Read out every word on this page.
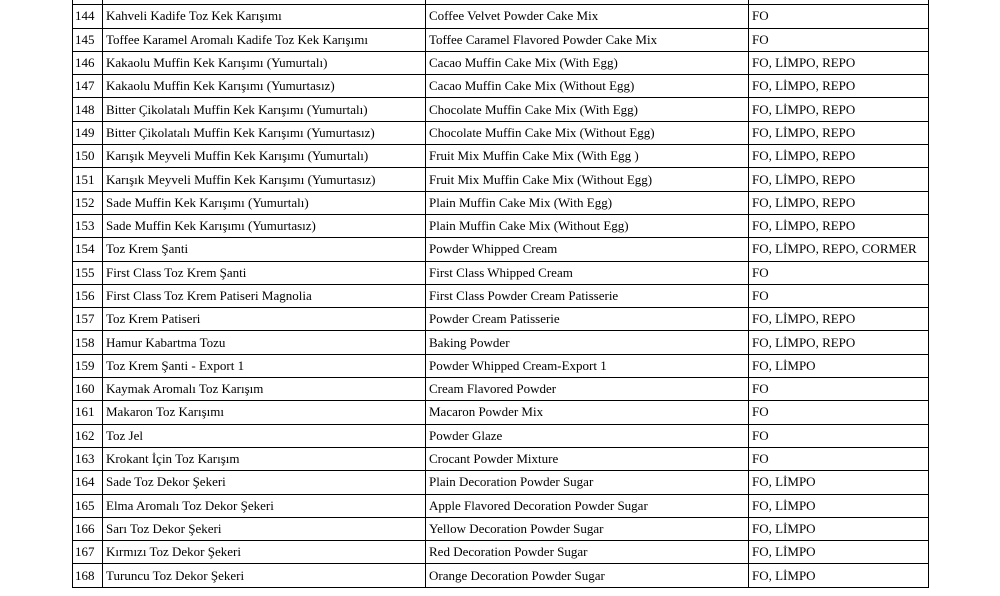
144	Kahveli Kadife Toz Kek Karışımı	Coffee Velvet Powder Cake Mix	FO
145	Toffee Karamel Aromalı Kadife Toz Kek Karışımı	Toffee Caramel Flavored Powder Cake Mix	FO
146	Kakaolu Muffin Kek Karışımı (Yumurtalı)	Cacao Muffin Cake Mix (With Egg)	FO, LİMPO, REPO
147	Kakaolu Muffin Kek Karışımı (Yumurtasız)	Cacao Muffin Cake Mix (Without Egg)	FO, LİMPO, REPO
148	Bitter Çikolatalı Muffin Kek Karışımı (Yumurtalı)	Chocolate Muffin Cake Mix (With Egg)	FO, LİMPO, REPO
149	Bitter Çikolatalı Muffin Kek Karışımı (Yumurtasız)	Chocolate Muffin Cake Mix (Without Egg)	FO, LİMPO, REPO
150	Karışık Meyveli Muffin Kek Karışımı (Yumurtalı)	Fruit Mix Muffin Cake Mix (With Egg )	FO, LİMPO, REPO
151	Karışık Meyveli Muffin Kek Karışımı (Yumurtasız)	Fruit Mix Muffin Cake Mix (Without Egg)	FO, LİMPO, REPO
152	Sade Muffin Kek Karışımı (Yumurtalı)	Plain Muffin Cake Mix (With Egg)	FO, LİMPO, REPO
153	Sade Muffin Kek Karışımı (Yumurtasız)	Plain Muffin Cake Mix (Without Egg)	FO, LİMPO, REPO
154	Toz Krem Şanti	Powder Whipped Cream	FO, LİMPO, REPO, CORMER
155	First Class Toz Krem Şanti	First Class Whipped Cream	FO
156	First Class Toz Krem Patiseri Magnolia	First Class Powder Cream Patisserie	FO
157	Toz Krem Patiseri	Powder Cream Patisserie	FO, LİMPO, REPO
158	Hamur Kabartma Tozu	Baking Powder	FO, LİMPO, REPO
159	Toz Krem Şanti - Export 1	Powder Whipped Cream-Export 1	FO, LİMPO
160	Kaymak Aromalı Toz Karışım	Cream Flavored Powder	FO
161	Makaron Toz Karışımı	Macaron Powder Mix	FO
162	Toz Jel	Powder Glaze	FO
163	Krokant İçin Toz Karışım	Crocant Powder Mixture	FO
164	Sade Toz Dekor Şekeri	Plain Decoration Powder Sugar	FO, LİMPO
165	Elma Aromalı Toz Dekor Şekeri	Apple Flavored Decoration Powder Sugar	FO, LİMPO
166	Sarı Toz Dekor Şekeri	Yellow Decoration Powder Sugar	FO, LİMPO
167	Kırmızı Toz Dekor Şekeri	Red Decoration Powder Sugar	FO, LİMPO
168	Turuncu Toz Dekor Şekeri	Orange Decoration Powder Sugar	FO, LİMPO
